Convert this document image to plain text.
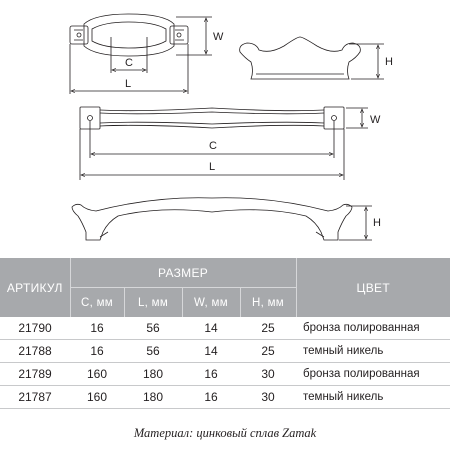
W
H
C
L
W
C
L
H
АРТИКУЛ	РАЗМЕР				ЦВЕТ
	C, мм	L, мм	W, мм	H, мм	
21790	16	56	14	25	бронза полированная
21788	16	56	14	25	темный никель
21789	160	180	16	30	бронза полированная
21787	160	180	16	30	темный никель
Материал: цинковый сплав Zamak
